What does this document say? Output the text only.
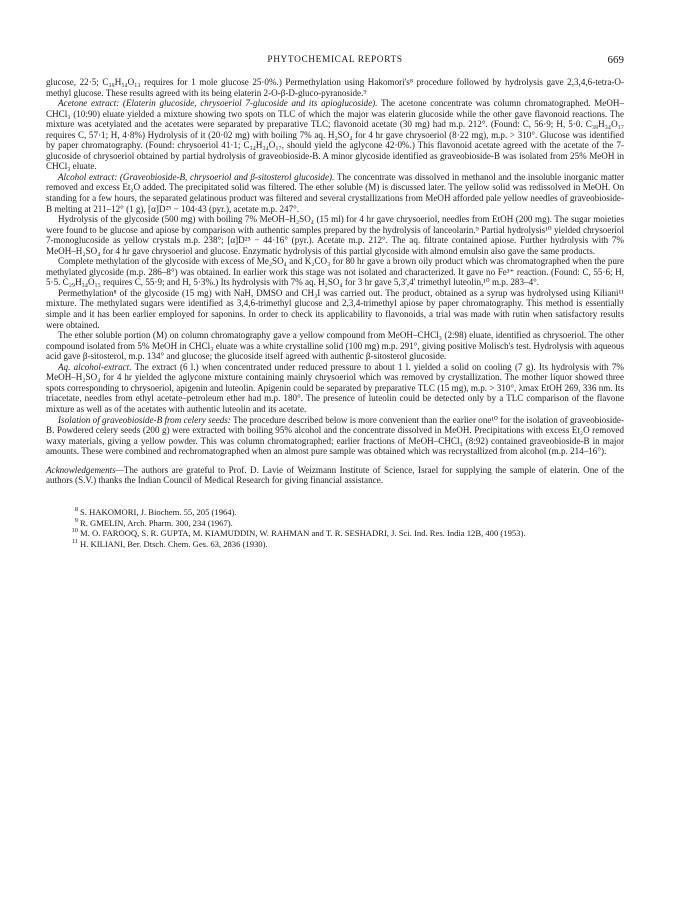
PHYTOCHEMICAL REPORTS	669

glucose, 22·5; C₃₈H₅₄O₁₃ requires for 1 mole glucose 25·0%.) Permethylation using Hakomori's⁸ procedure followed by hydrolysis gave 2,3,4,6-tetra-O-methyl glucose. These results agreed with its being elaterin 2-O-β-D-gluco-pyranoside.⁹

Acetone extract: (Elaterin glucoside, chrysoeriol 7-glucoside and its apioglucoside). The acetone concentrate was column chromatographed. MeOH–CHCl₃ (10:90) eluate yielded a mixture showing two spots on TLC of which the major was elaterin glucoside while the other gave flavonoid reactions. The mixture was acetylated and the acetates were separated by preparative TLC; flavonoid acetate (30 mg) had m.p. 212°. (Found: C, 56·9; H, 5·0. C₃₈H₃₄O₁₇ requires C, 57·1; H, 4·8%) Hydrolysis of it (20·02 mg) with boiling 7% aq. H₂SO₄ for 4 hr gave chrysoeriol (8·22 mg), m.p. > 310°. Glucose was identified by paper chromatography. (Found: chrysoeriol 41·1; C₃₄H₃₄O₁₇, should yield the aglycone 42·0%.) This flavonoid acetate agreed with the acetate of the 7-glucoside of chrysoeriol obtained by partial hydrolysis of graveobioside-B. A minor glycoside identified as graveobioside-B was isolated from 25% MeOH in CHCl₃ eluate.

Alcohol extract: (Graveobioside-B, chrysoeriol and β-sitosterol glucoside). The concentrate was dissolved in methanol and the insoluble inorganic matter removed and excess Et₂O added. The precipitated solid was filtered. The ether soluble (M) is discussed later. The yellow solid was redissolved in MeOH. On standing for a few hours, the separated gelatinous product was filtered and several crystallizations from MeOH afforded pale yellow needles of graveobioside-B melting at 211–12° (1 g), [α]D²⁵ − 104·43 (pyr.), acetate m.p. 247°.

Hydrolysis of the glycoside (500 mg) with boiling 7% MeOH–H₂SO₄ (15 ml) for 4 hr gave chrysoeriol, needles from EtOH (200 mg). The sugar moieties were found to be glucose and apiose by comparison with authentic samples prepared by the hydrolysis of lanceolarin.⁹ Partial hydrolysis¹⁰ yielded chrysoeriol 7-monoglucoside as yellow crystals m.p. 238°; [α]D²⁵ − 44·16° (pyr.). Acetate m.p. 212°. The aq. filtrate contained apiose. Further hydrolysis with 7% MeOH–H₂SO₄ for 4 hr gave chrysoeriol and glucose. Enzymatic hydrolysis of this partial glycoside with almond emulsin also gave the same products.

Complete methylation of the glycoside with excess of Me₂SO₄ and K₂CO₃ for 80 hr gave a brown oily product which was chromatographed when the pure methylated glycoside (m.p. 286–8°) was obtained. In earlier work this stage was not isolated and characterized. It gave no Fe³⁺ reaction. (Found: C, 55·6; H, 5·5. C₂₉H₃₄O₁₅ requires C, 55·9; and H, 5·3%.) Its hydrolysis with 7% aq. H₂SO₄ for 3 hr gave 5,3',4' trimethyl luteolin,¹⁰ m.p. 283–4°.

Permethylation⁸ of the glycoside (15 mg) with NaH, DMSO and CH₃I was carried out. The product, obtained as a syrup was hydrolysed using Kiliani¹¹ mixture. The methylated sugars were identified as 3,4,6-trimethyl glucose and 2,3,4-trimethyl apiose by paper chromatography. This method is essentially simple and it has been earlier employed for saponins. In order to check its applicability to flavonoids, a trial was made with rutin when satisfactory results were obtained.

The ether soluble portion (M) on column chromatography gave a yellow compound from MeOH–CHCl₃ (2:98) eluate, identified as chrysoeriol. The other compound isolated from 5% MeOH in CHCl₃ eluate was a white crystalline solid (100 mg) m.p. 291°, giving positive Molisch's test. Hydrolysis with aqueous acid gave β-sitosterol, m.p. 134° and glucose; the glucoside itself agreed with authentic β-sitosterol glucoside.

Aq. alcohol-extract. The extract (6 l.) when concentrated under reduced pressure to about 1 l. yielded a solid on cooling (7 g). Its hydrolysis with 7% MeOH–H₂SO₄ for 4 hr yielded the aglycone mixture containing mainly chrysoeriol which was removed by crystallization. The mother liquor showed three spots corresponding to chrysoeriol, apigenin and luteolin. Apigenin could be separated by preparative TLC (15 mg), m.p. > 310°, λmax EtOH 269, 336 nm. Its triacetate, needles from ethyl acetate–petroleum ether had m.p. 180°. The presence of luteolin could be detected only by a TLC comparison of the flavone mixture as well as of the acetates with authentic luteolin and its acetate.

Isolation of graveobioside-B from celery seeds: The procedure described below is more convenient than the earlier one¹⁰ for the isolation of graveobioside-B. Powdered celery seeds (200 g) were extracted with boiling 95% alcohol and the concentrate dissolved in MeOH. Precipitations with excess Et₂O removed waxy materials, giving a yellow powder. This was column chromatographed; earlier fractions of MeOH–CHCl₃ (8:92) contained graveobioside-B in major amounts. These were combined and rechromatographed when an almost pure sample was obtained which was recrystallized from alcohol (m.p. 214–16°).

Acknowledgements—The authors are grateful to Prof. D. Lavie of Weizmann Institute of Science, Israel for supplying the sample of elaterin. One of the authors (S.V.) thanks the Indian Council of Medical Research for giving financial assistance.

8 S. HAKOMORI, J. Biochem. 55, 205 (1964).
9 R. GMELIN, Arch. Pharm. 300, 234 (1967).
10 M. O. FAROOQ, S. R. GUPTA, M. KIAMUDDIN, W. RAHMAN and T. R. SESHADRI, J. Sci. Ind. Res. India 12B, 400 (1953).
11 H. KILIANI, Ber. Dtsch. Chem. Ges. 63, 2836 (1930).
